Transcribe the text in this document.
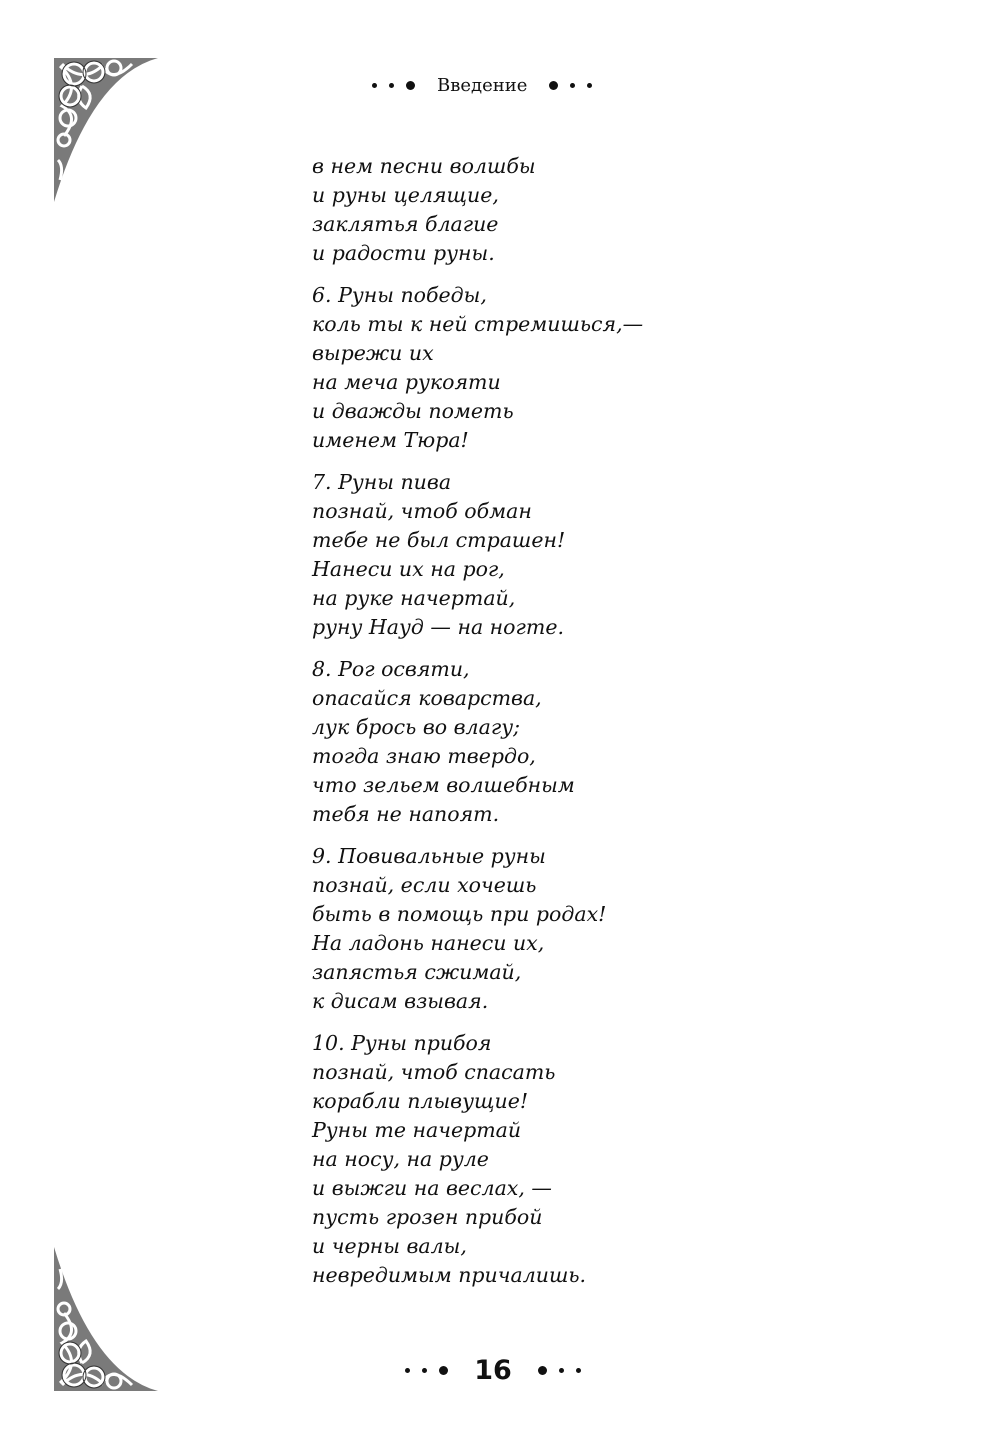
Введение
в нем песни волшбы
и руны целящие,
заклятья благие
и радости руны.
6. Руны победы,
коль ты к ней стремишься,—
вырежи их
на меча рукояти
и дважды пометь
именем Тюра!
7. Руны пива
познай, чтоб обман
тебе не был страшен!
Нанеси их на рог,
на руке начертай,
руну Науд — на ногте.
8. Рог освяти,
опасайся коварства,
лук брось во влагу;
тогда знаю твердо,
что зельем волшебным
тебя не напоят.
9. Повивальные руны
познай, если хочешь
быть в помощь при родах!
На ладонь нанеси их,
запястья сжимай,
к дисам взывая.
10. Руны прибоя
познай, чтоб спасать
корабли плывущие!
Руны те начертай
на носу, на руле
и выжги на веслах, —
пусть грозен прибой
и черны валы,
невредимым причалишь.
16
